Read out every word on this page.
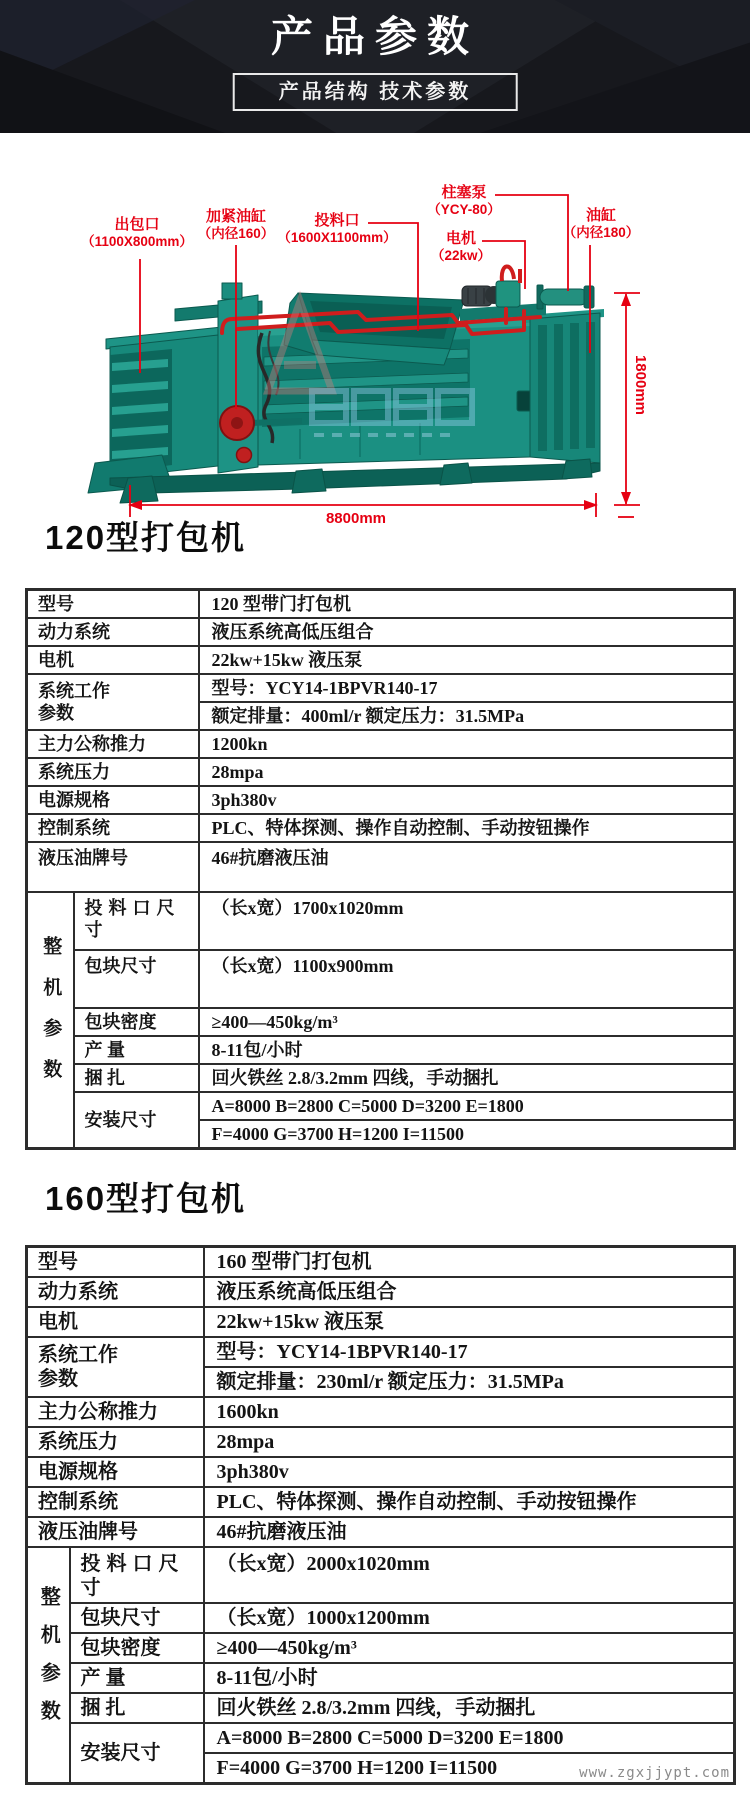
产品参数
产品结构 技术参数
出包口
（1100X800mm）
加紧油缸
（内径160）
投料口
（1600X1100mm）
柱塞泵
（YCY-80）
电机
（22kw）
油缸
（内径180）
8800mm
1800mm
120型打包机
型号		120 型带门打包机
动力系统		液压系统高低压组合
电机		22kw+15kw 液压泵

系统工作
参数		型号：YCY14-1BPVR140-17
		额定排量：400ml/r 额定压力：31.5MPa
主力公称推力		1200kn
系统压力		28mpa
电源规格		3ph380v
控制系统		PLC、特体探测、操作自动控制、手动按钮操作
液压油牌号		46#抗磨液压油
整机参数	投料口尺寸	（长x宽）1700x1020mm
	包块尺寸	（长x宽）1100x900mm
	包块密度	≥400—450kg/m³
	产 量	8-11包/小时
	捆 扎	回火铁丝 2.8/3.2mm 四线，手动捆扎
	安装尺寸	A=8000 B=2800 C=5000 D=3200 E=1800
		F=4000 G=3700 H=1200 I=11500
160型打包机
型号		160 型带门打包机
动力系统		液压系统高低压组合
电机		22kw+15kw 液压泵

系统工作
参数		型号：YCY14-1BPVR140-17
		额定排量：230ml/r 额定压力：31.5MPa
主力公称推力		1600kn
系统压力		28mpa
电源规格		3ph380v
控制系统		PLC、特体探测、操作自动控制、手动按钮操作
液压油牌号		46#抗磨液压油
整机参数	投料口尺寸	（长x宽）2000x1020mm
	包块尺寸	（长x宽）1000x1200mm
	包块密度	≥400—450kg/m³
	产 量	8-11包/小时
	捆 扎	回火铁丝 2.8/3.2mm 四线，手动捆扎
	安装尺寸	A=8000 B=2800 C=5000 D=3200 E=1800
		F=4000 G=3700 H=1200 I=11500	www.zgxjjypt.com
